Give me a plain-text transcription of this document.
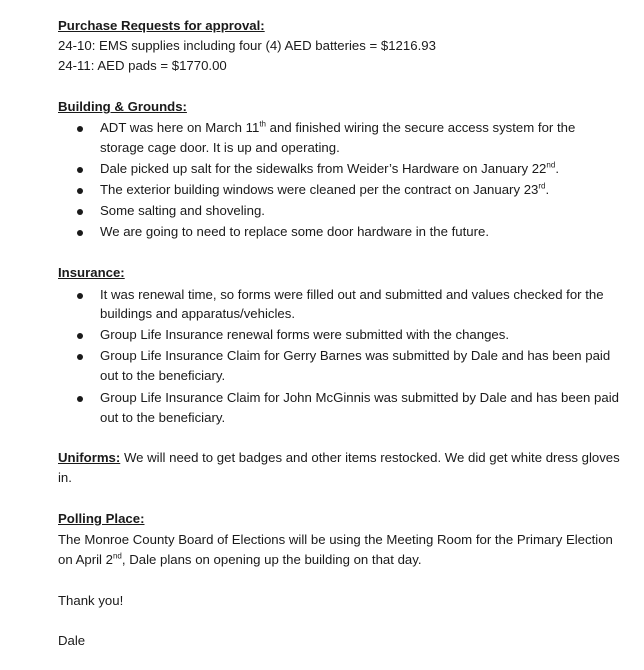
Purchase Requests for approval:
24-10: EMS supplies including four (4) AED batteries = $1216.93
24-11: AED pads = $1770.00
Building & Grounds:
ADT was here on March 11th and finished wiring the secure access system for the
storage cage door. It is up and operating.
Dale picked up salt for the sidewalks from Weider’s Hardware on January 22nd.
The exterior building windows were cleaned per the contract on January 23rd.
Some salting and shoveling.
We are going to need to replace some door hardware in the future.
Insurance:
It was renewal time, so forms were filled out and submitted and values checked for the
buildings and apparatus/vehicles.
Group Life Insurance renewal forms were submitted with the changes.
Group Life Insurance Claim for Gerry Barnes was submitted by Dale and has been paid
out to the beneficiary.
Group Life Insurance Claim for John McGinnis was submitted by Dale and has been paid
out to the beneficiary.
Uniforms: We will need to get badges and other items restocked. We did get white dress gloves
in.
Polling Place:
The Monroe County Board of Elections will be using the Meeting Room for the Primary Election
on April 2nd, Dale plans on opening up the building on that day.
Thank you!
Dale
